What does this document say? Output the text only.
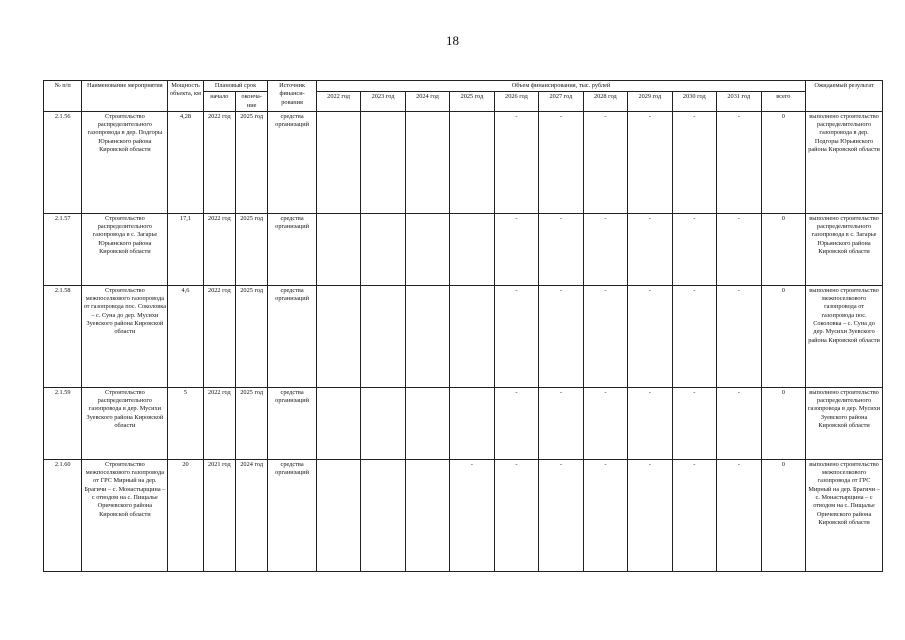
18
№ п/п	Наименование мероприятия	Мощность объекта, км	Плановый срок		Источник финанси-рования	Объем финансирования, тыс. рублей											Ожидаемый результат
			начало	оконча-ние		2022 год	2023 год	2024 год	2025 год	2026 год	2027 год	2028 год	2029 год	2030 год	2031 год	всего	
2.1.56	Строительство распределительного газопровода в дер. Подгоры Юрьянского района Кировской области	4,28	2022 год	2025 год	средства организаций					-	-	-	-	-	-	0	выполнено строительство распределительного газопровода в дер. Подгоры Юрьянского района Кировской области
2.1.57	Строительство распределительного газопровода в с. Загарье Юрьянского района Кировской области	17,1	2022 год	2025 год	средства организаций					-	-	-	-	-	-	0	выполнено строительство распределительного газопровода в с. Загарье Юрьянского района Кировской области
2.1.58	Строительство межпоселкового газопровода от газопровода пос. Соколовка – с. Суна до дер. Мусихи Зуевского района Кировской области	4,6	2022 год	2025 год	средства организаций					-	-	-	-	-	-	0	выполнено строительство межпоселкового газопровода от газопровода пос. Соколовка – с. Суна до дер. Мусихи Зуевского района Кировской области
2.1.59	Строительство распределительного газопровода в дер. Мусихи Зуевского района Кировской области	5	2022 год	2025 год	средства организаций					-	-	-	-	-	-	0	выполнено строительство распределительного газопровода в дер. Мусихи Зуевского района Кировской области
2.1.60	Строительство межпоселкового газопровода от ГРС Мирный на дер. Брагичи – с. Монастырщина – с отводом на с. Пищалье Оричевского района Кировской области	20	2021 год	2024 год	средства организаций				-	-	-	-	-	-	-	0	выполнено строительство межпоселкового газопровода от ГРС Мирный на дер. Брагичи – с. Монастырщина – с отводом на с. Пищалье Оричевского района Кировской области
